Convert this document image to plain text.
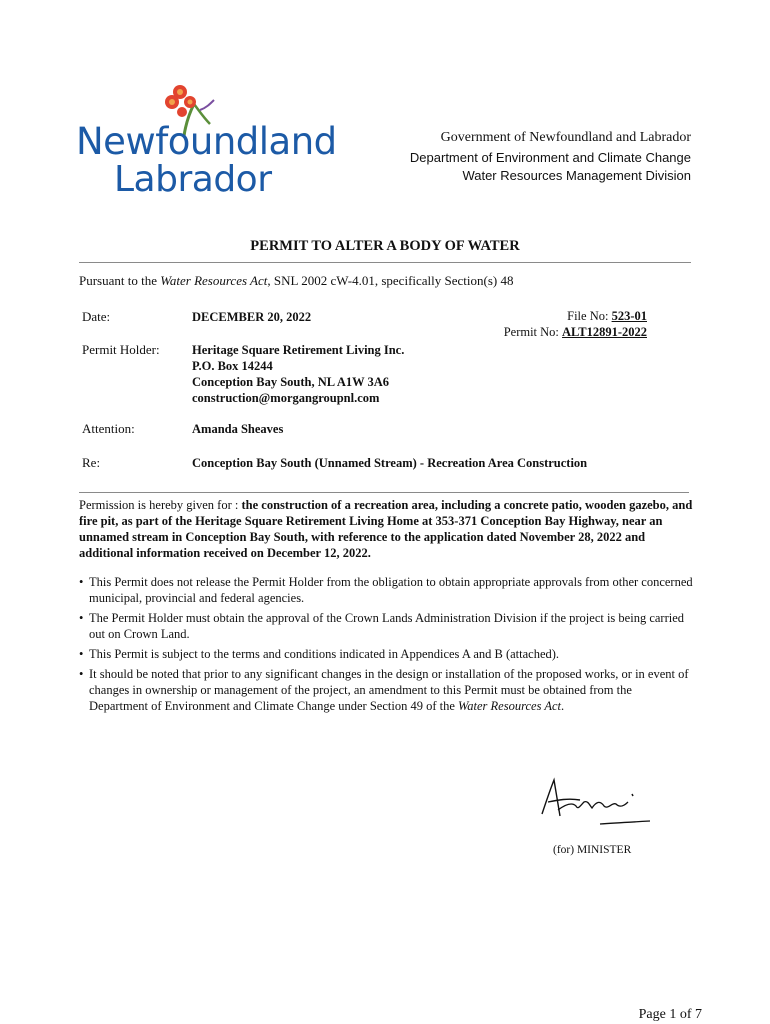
Newfoundland
Labrador
Government of Newfoundland and Labrador
Department of Environment and Climate Change
Water Resources Management Division
PERMIT TO ALTER A BODY OF WATER
Pursuant to the Water Resources Act, SNL 2002 cW-4.01, specifically Section(s) 48
Date:	DECEMBER 20, 2022	File No: 523-01
Permit No: ALT12891-2022
Permit Holder:	Heritage Square Retirement Living Inc.
P.O. Box 14244
Conception Bay South, NL A1W 3A6
construction@morgangroupnl.com
Attention:	Amanda Sheaves
Re:	Conception Bay South (Unnamed Stream) - Recreation Area Construction
Permission is hereby given for : the construction of a recreation area, including a concrete patio, wooden gazebo, and fire pit, as part of the Heritage Square Retirement Living Home at 353-371 Conception Bay Highway, near an unnamed stream in Conception Bay South, with reference to the application dated November 28, 2022 and additional information received on December 12, 2022.
• This Permit does not release the Permit Holder from the obligation to obtain appropriate approvals from other concerned municipal, provincial and federal agencies.
• The Permit Holder must obtain the approval of the Crown Lands Administration Division if the project is being carried out on Crown Land.
• This Permit is subject to the terms and conditions indicated in Appendices A and B (attached).
• It should be noted that prior to any significant changes in the design or installation of the proposed works, or in event of changes in ownership or management of the project, an amendment to this Permit must be obtained from the Department of Environment and Climate Change under Section 49 of the Water Resources Act.
(for) MINISTER
Page 1 of 7
